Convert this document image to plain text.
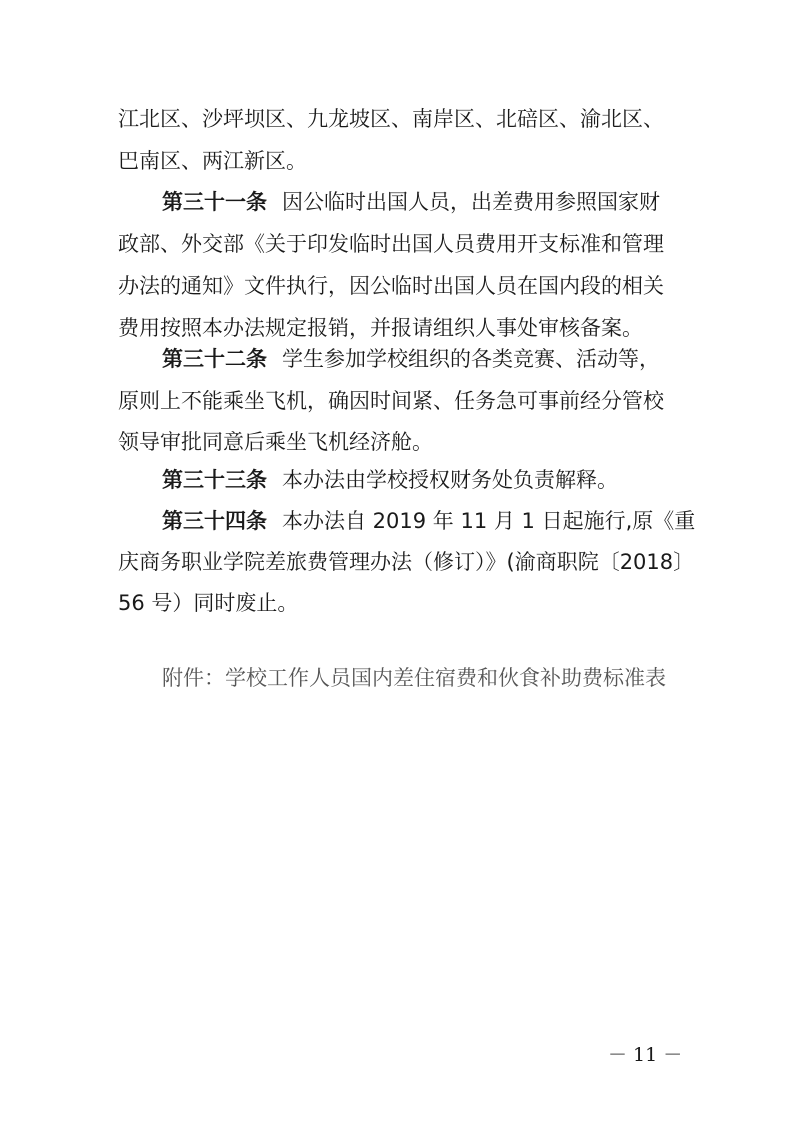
江北区、沙坪坝区、九龙坡区、南岸区、北碚区、渝北区、
巴南区、两江新区。
第三十一条 因公临时出国人员，出差费用参照国家财
政部、外交部《关于印发临时出国人员费用开支标准和管理
办法的通知》文件执行，因公临时出国人员在国内段的相关
费用按照本办法规定报销，并报请组织人事处审核备案。
第三十二条 学生参加学校组织的各类竞赛、活动等，
原则上不能乘坐飞机，确因时间紧、任务急可事前经分管校
领导审批同意后乘坐飞机经济舱。
第三十三条 本办法由学校授权财务处负责解释。
第三十四条 本办法自 2019 年 11 月 1 日起施行,原《重
庆商务职业学院差旅费管理办法（修订）》(渝商职院〔2018〕
56 号）同时废止。
附件：学校工作人员国内差住宿费和伙食补助费标准表
－ 11 －
